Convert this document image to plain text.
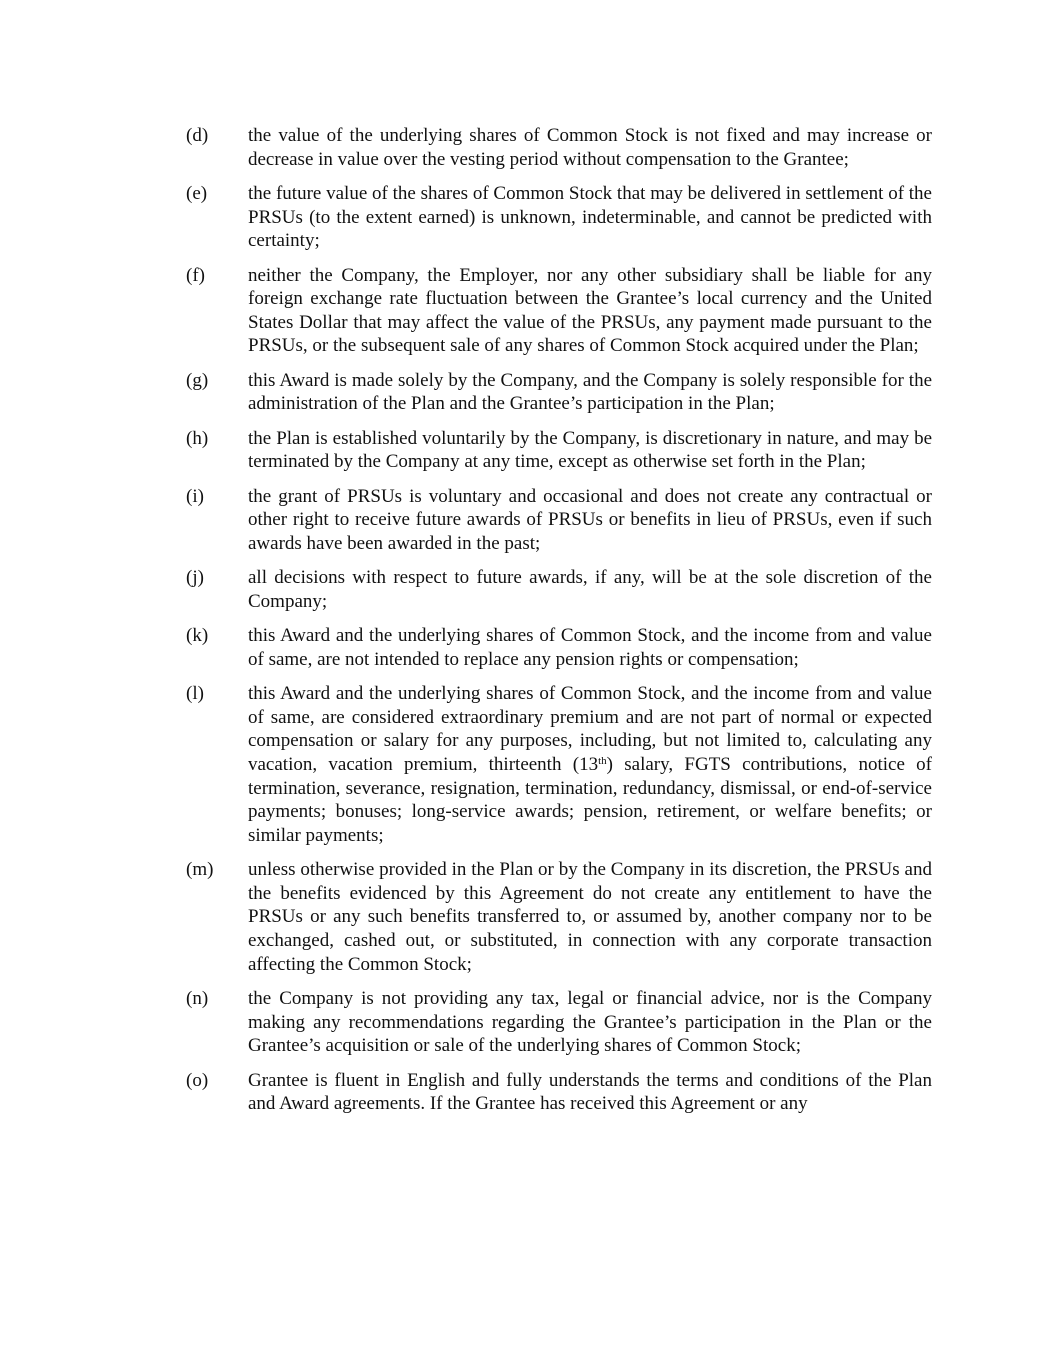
(d)	the value of the underlying shares of Common Stock is not fixed and may increase or decrease in value over the vesting period without compensation to the Grantee;
(e)	the future value of the shares of Common Stock that may be delivered in settlement of the PRSUs (to the extent earned) is unknown, indeterminable, and cannot be predicted with certainty;
(f)	neither the Company, the Employer, nor any other subsidiary shall be liable for any foreign exchange rate fluctuation between the Grantee’s local currency and the United States Dollar that may affect the value of the PRSUs, any payment made pursuant to the PRSUs, or the subsequent sale of any shares of Common Stock acquired under the Plan;
(g)	this Award is made solely by the Company, and the Company is solely responsible for the administration of the Plan and the Grantee’s participation in the Plan;
(h)	the Plan is established voluntarily by the Company, is discretionary in nature, and may be terminated by the Company at any time, except as otherwise set forth in the Plan;
(i)	the grant of PRSUs is voluntary and occasional and does not create any contractual or other right to receive future awards of PRSUs or benefits in lieu of PRSUs, even if such awards have been awarded in the past;
(j)	all decisions with respect to future awards, if any, will be at the sole discretion of the Company;
(k)	this Award and the underlying shares of Common Stock, and the income from and value of same, are not intended to replace any pension rights or compensation;
(l)	this Award and the underlying shares of Common Stock, and the income from and value of same, are considered extraordinary premium and are not part of normal or expected compensation or salary for any purposes, including, but not limited to, calculating any vacation, vacation premium, thirteenth (13th) salary, FGTS contributions, notice of termination, severance, resignation, termination, redundancy, dismissal, or end-of-service payments; bonuses; long-service awards; pension, retirement, or welfare benefits; or similar payments;
(m)	unless otherwise provided in the Plan or by the Company in its discretion, the PRSUs and the benefits evidenced by this Agreement do not create any entitlement to have the PRSUs or any such benefits transferred to, or assumed by, another company nor to be exchanged, cashed out, or substituted, in connection with any corporate transaction affecting the Common Stock;
(n)	the Company is not providing any tax, legal or financial advice, nor is the Company making any recommendations regarding the Grantee’s participation in the Plan or the Grantee’s acquisition or sale of the underlying shares of Common Stock;
(o)	Grantee is fluent in English and fully understands the terms and conditions of the Plan and Award agreements. If the Grantee has received this Agreement or any
